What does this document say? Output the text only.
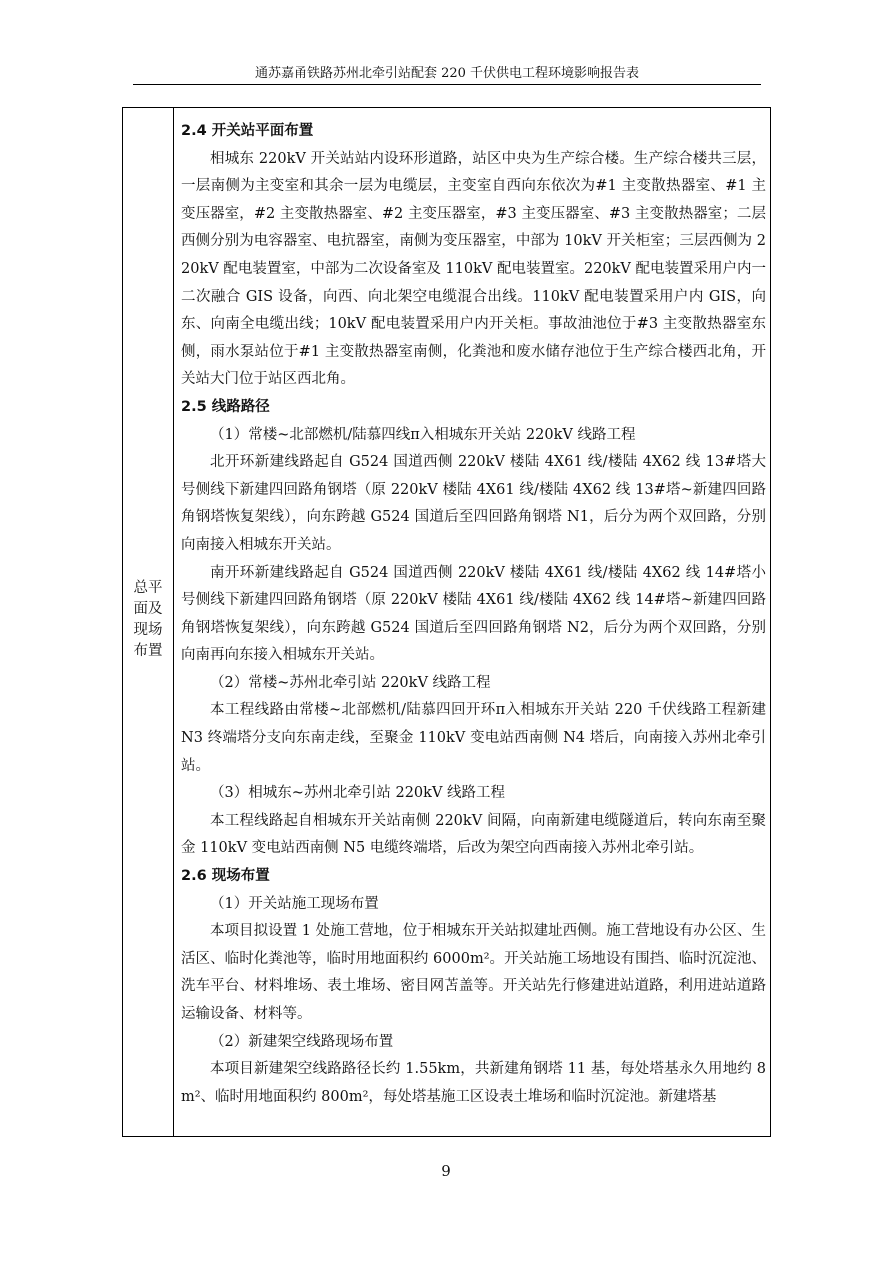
通苏嘉甬铁路苏州北牵引站配套 220 千伏供电工程环境影响报告表
总平面及现场布置

2.4 开关站平面布置

相城东 220kV 开关站站内设环形道路，站区中央为生产综合楼。生产综合楼共三层，一层南侧为主变室和其余一层为电缆层，主变室自西向东依次为#1 主变散热器室、#1 主变压器室，#2 主变散热器室、#2 主变压器室，#3 主变压器室、#3 主变散热器室；二层西侧分别为电容器室、电抗器室，南侧为变压器室，中部为 10kV 开关柜室；三层西侧为 220kV 配电装置室，中部为二次设备室及 110kV 配电装置室。220kV 配电装置采用户内一二次融合 GIS 设备，向西、向北架空电缆混合出线。110kV 配电装置采用户内 GIS，向东、向南全电缆出线；10kV 配电装置采用户内开关柜。事故油池位于#3 主变散热器室东侧，雨水泵站位于#1 主变散热器室南侧，化粪池和废水储存池位于生产综合楼西北角，开关站大门位于站区西北角。

2.5 线路路径

（1）常楼~北部燃机/陆慕四线π入相城东开关站 220kV 线路工程

北开环新建线路起自 G524 国道西侧 220kV 楼陆 4X61 线/楼陆 4X62 线 13#塔大号侧线下新建四回路角钢塔（原 220kV 楼陆 4X61 线/楼陆 4X62 线 13#塔~新建四回路角钢塔恢复架线），向东跨越 G524 国道后至四回路角钢塔 N1，后分为两个双回路，分别向南接入相城东开关站。

南开环新建线路起自 G524 国道西侧 220kV 楼陆 4X61 线/楼陆 4X62 线 14#塔小号侧线下新建四回路角钢塔（原 220kV 楼陆 4X61 线/楼陆 4X62 线 14#塔~新建四回路角钢塔恢复架线），向东跨越 G524 国道后至四回路角钢塔 N2，后分为两个双回路，分别向南再向东接入相城东开关站。

（2）常楼~苏州北牵引站 220kV 线路工程

本工程线路由常楼~北部燃机/陆慕四回开环π入相城东开关站 220 千伏线路工程新建 N3 终端塔分支向东南走线，至聚金 110kV 变电站西南侧 N4 塔后，向南接入苏州北牵引站。

（3）相城东~苏州北牵引站 220kV 线路工程

本工程线路起自相城东开关站南侧 220kV 间隔，向南新建电缆隧道后，转向东南至聚金 110kV 变电站西南侧 N5 电缆终端塔，后改为架空向西南接入苏州北牵引站。

2.6 现场布置

（1）开关站施工现场布置

本项目拟设置 1 处施工营地，位于相城东开关站拟建址西侧。施工营地设有办公区、生活区、临时化粪池等，临时用地面积约 6000m²。开关站施工场地设有围挡、临时沉淀池、洗车平台、材料堆场、表土堆场、密目网苫盖等。开关站先行修建进站道路，利用进站道路运输设备、材料等。

（2）新建架空线路现场布置

本项目新建架空线路路径长约 1.55km，共新建角钢塔 11 基，每处塔基永久用地约 8m²、临时用地面积约 800m²，每处塔基施工区设表土堆场和临时沉淀池。新建塔基

9
